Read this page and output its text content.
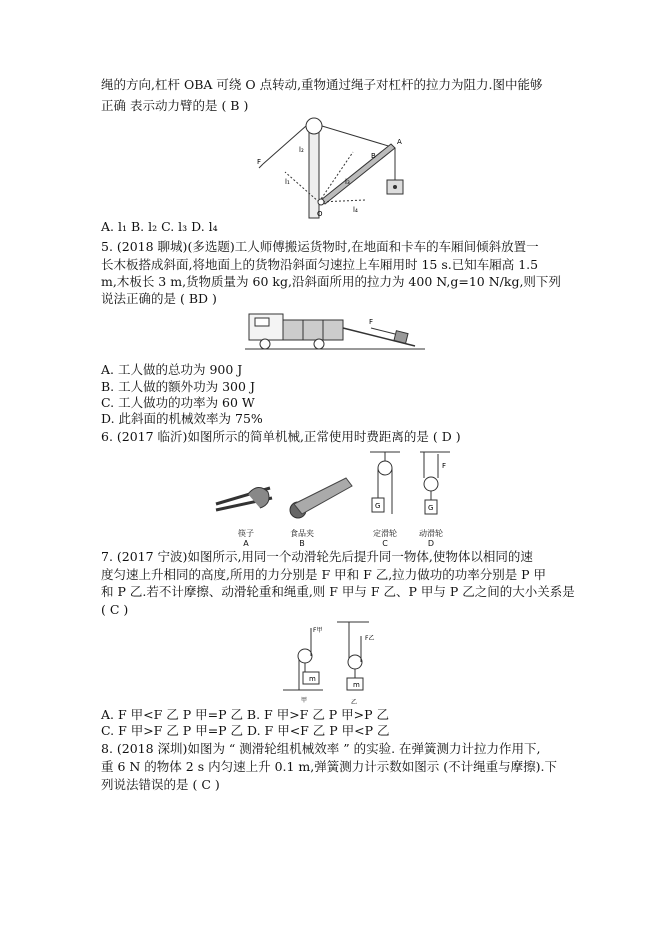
绳的方向,杠杆 OBA 可绕 O 点转动,重物通过绳子对杠杆的拉力为阻力.图中能够
正确 表示动力臂的是 ( B )
F
l₁
l₂
l₃
l₄
B
A
O
A. l₁ B. l₂ C. l₃ D. l₄
5. (2018 聊城)(多选题)工人师傅搬运货物时,在地面和卡车的车厢间倾斜放置一
长木板搭成斜面,将地面上的货物沿斜面匀速拉上车厢用时 15 s.已知车厢高 1.5
m,木板长 3 m,货物质量为 60 kg,沿斜面所用的拉力为 400 N,g=10 N/kg,则下列
说法正确的是 ( BD )
F
A. 工人做的总功为 900 J
B. 工人做的额外功为 300 J
C. 工人做功的功率为 60 W
D. 此斜面的机械效率为 75%
6. (2017 临沂)如图所示的简单机械,正常使用时费距离的是 ( D )
G	G
F
筷子
A
食品夹
B
定滑轮
C
动滑轮
D
7. (2017 宁波)如图所示,用同一个动滑轮先后提升同一物体,使物体以相同的速
度匀速上升相同的高度,所用的力分别是 F 甲和 F 乙,拉力做功的功率分别是 P 甲
和 P 乙.若不计摩擦、动滑轮重和绳重,则 F 甲与 F 乙、P 甲与 P 乙之间的大小关系是
( C )
m
F甲
甲
m
F乙
乙
A. F 甲<F 乙 P 甲=P 乙 B. F 甲>F 乙 P 甲>P 乙
C. F 甲>F 乙 P 甲=P 乙 D. F 甲<F 乙 P 甲<P 乙
8. (2018 深圳)如图为 “ 测滑轮组机械效率 ” 的实验. 在弹簧测力计拉力作用下,
重 6 N 的物体 2 s 内匀速上升 0.1 m,弹簧测力计示数如图示 (不计绳重与摩擦).下
列说法错误的是 ( C )
